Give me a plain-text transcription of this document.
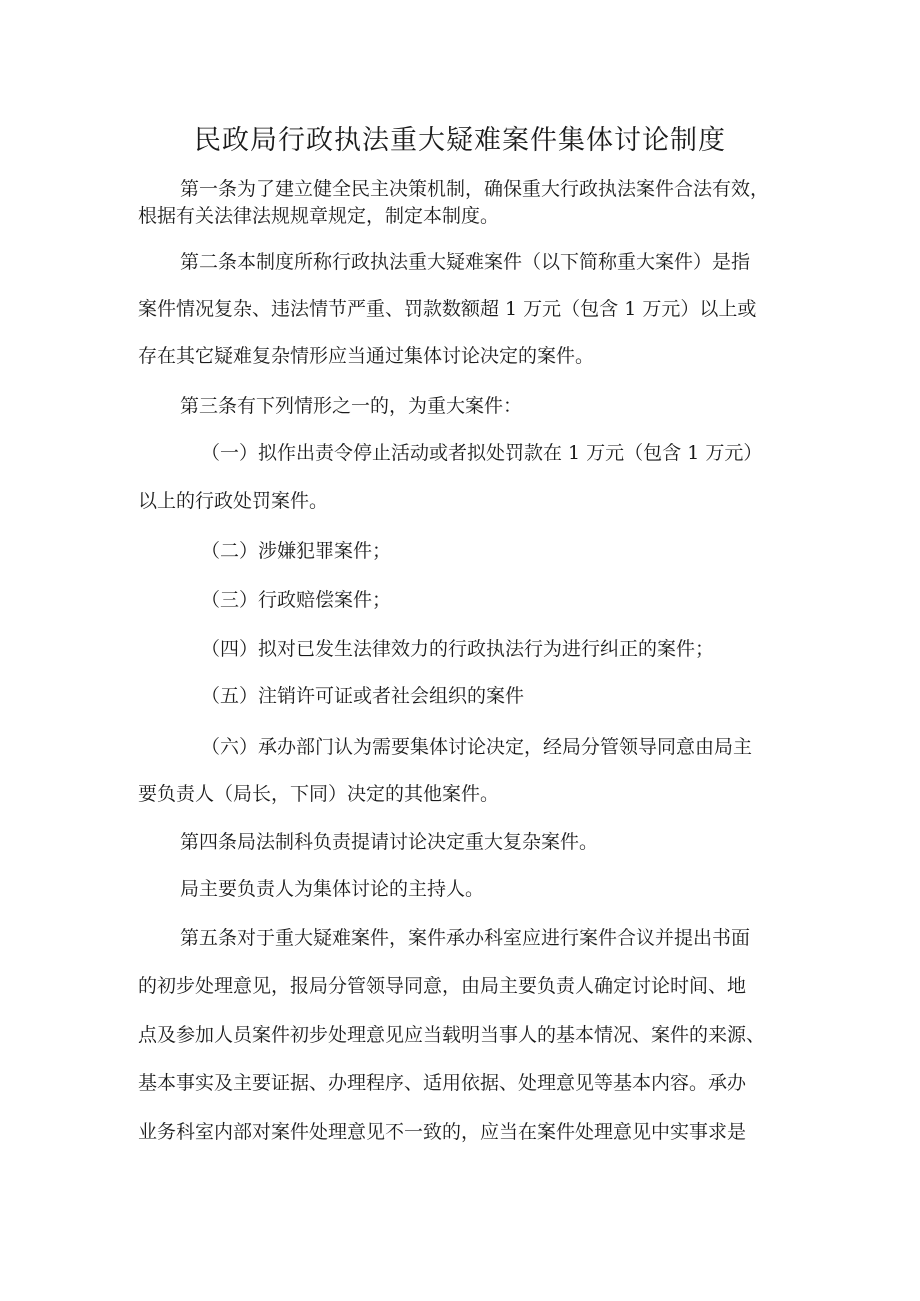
民政局行政执法重大疑难案件集体讨论制度
第一条为了建立健全民主决策机制，确保重大行政执法案件合法有效，
根据有关法律法规规章规定，制定本制度。
第二条本制度所称行政执法重大疑难案件（以下简称重大案件）是指
案件情况复杂、违法情节严重、罚款数额超 1 万元（包含 1 万元）以上或
存在其它疑难复杂情形应当通过集体讨论决定的案件。
第三条有下列情形之一的，为重大案件：
（一）拟作出责令停止活动或者拟处罚款在 1 万元（包含 1 万元）
以上的行政处罚案件。
（二）涉嫌犯罪案件；
（三）行政赔偿案件；
（四）拟对已发生法律效力的行政执法行为进行纠正的案件；
（五）注销许可证或者社会组织的案件
（六）承办部门认为需要集体讨论决定，经局分管领导同意由局主
要负责人（局长，下同）决定的其他案件。
第四条局法制科负责提请讨论决定重大复杂案件。
局主要负责人为集体讨论的主持人。
第五条对于重大疑难案件，案件承办科室应进行案件合议并提出书面
的初步处理意见，报局分管领导同意，由局主要负责人确定讨论时间、地
点及参加人员案件初步处理意见应当载明当事人的基本情况、案件的来源、
基本事实及主要证据、办理程序、适用依据、处理意见等基本内容。承办
业务科室内部对案件处理意见不一致的，应当在案件处理意见中实事求是
